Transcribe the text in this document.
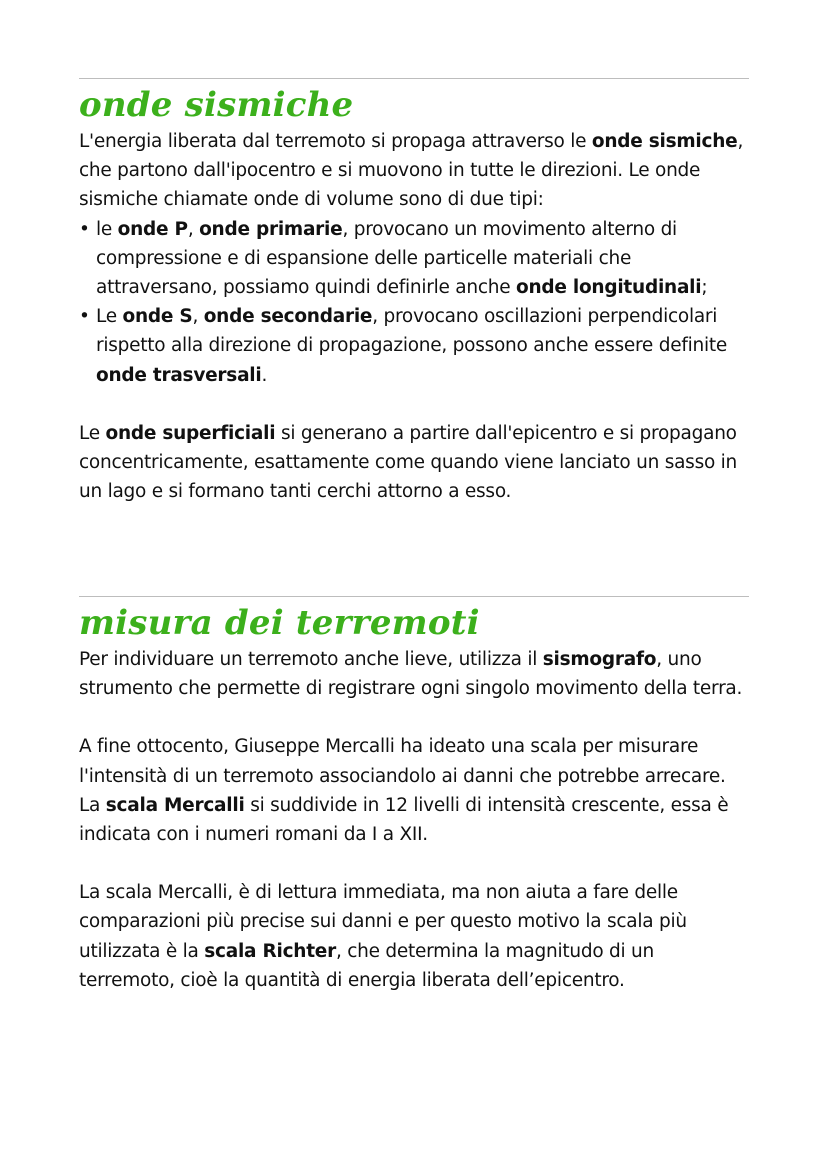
onde sismiche

L'energia liberata dal terremoto si propaga attraverso le onde sismiche, che partono dall'ipocentro e si muovono in tutte le direzioni. Le onde sismiche chiamate onde di volume sono di due tipi:

• le onde P, onde primarie, provocano un movimento alterno di compressione e di espansione delle particelle materiali che attraversano, possiamo quindi definirle anche onde longitudinali;
• Le onde S, onde secondarie, provocano oscillazioni perpendicolari rispetto alla direzione di propagazione, possono anche essere definite onde trasversali.

Le onde superficiali si generano a partire dall'epicentro e si propagano concentricamente, esattamente come quando viene lanciato un sasso in un lago e si formano tanti cerchi attorno a esso.

misura dei terremoti

Per individuare un terremoto anche lieve, utilizza il sismografo, uno strumento che permette di registrare ogni singolo movimento della terra.

A fine ottocento, Giuseppe Mercalli ha ideato una scala per misurare l'intensità di un terremoto associandolo ai danni che potrebbe arrecare. La scala Mercalli si suddivide in 12 livelli di intensità crescente, essa è indicata con i numeri romani da I a XII.

La scala Mercalli, è di lettura immediata, ma non aiuta a fare delle comparazioni più precise sui danni e per questo motivo la scala più utilizzata è la scala Richter, che determina la magnitudo di un terremoto, cioè la quantità di energia liberata dell’epicentro.
